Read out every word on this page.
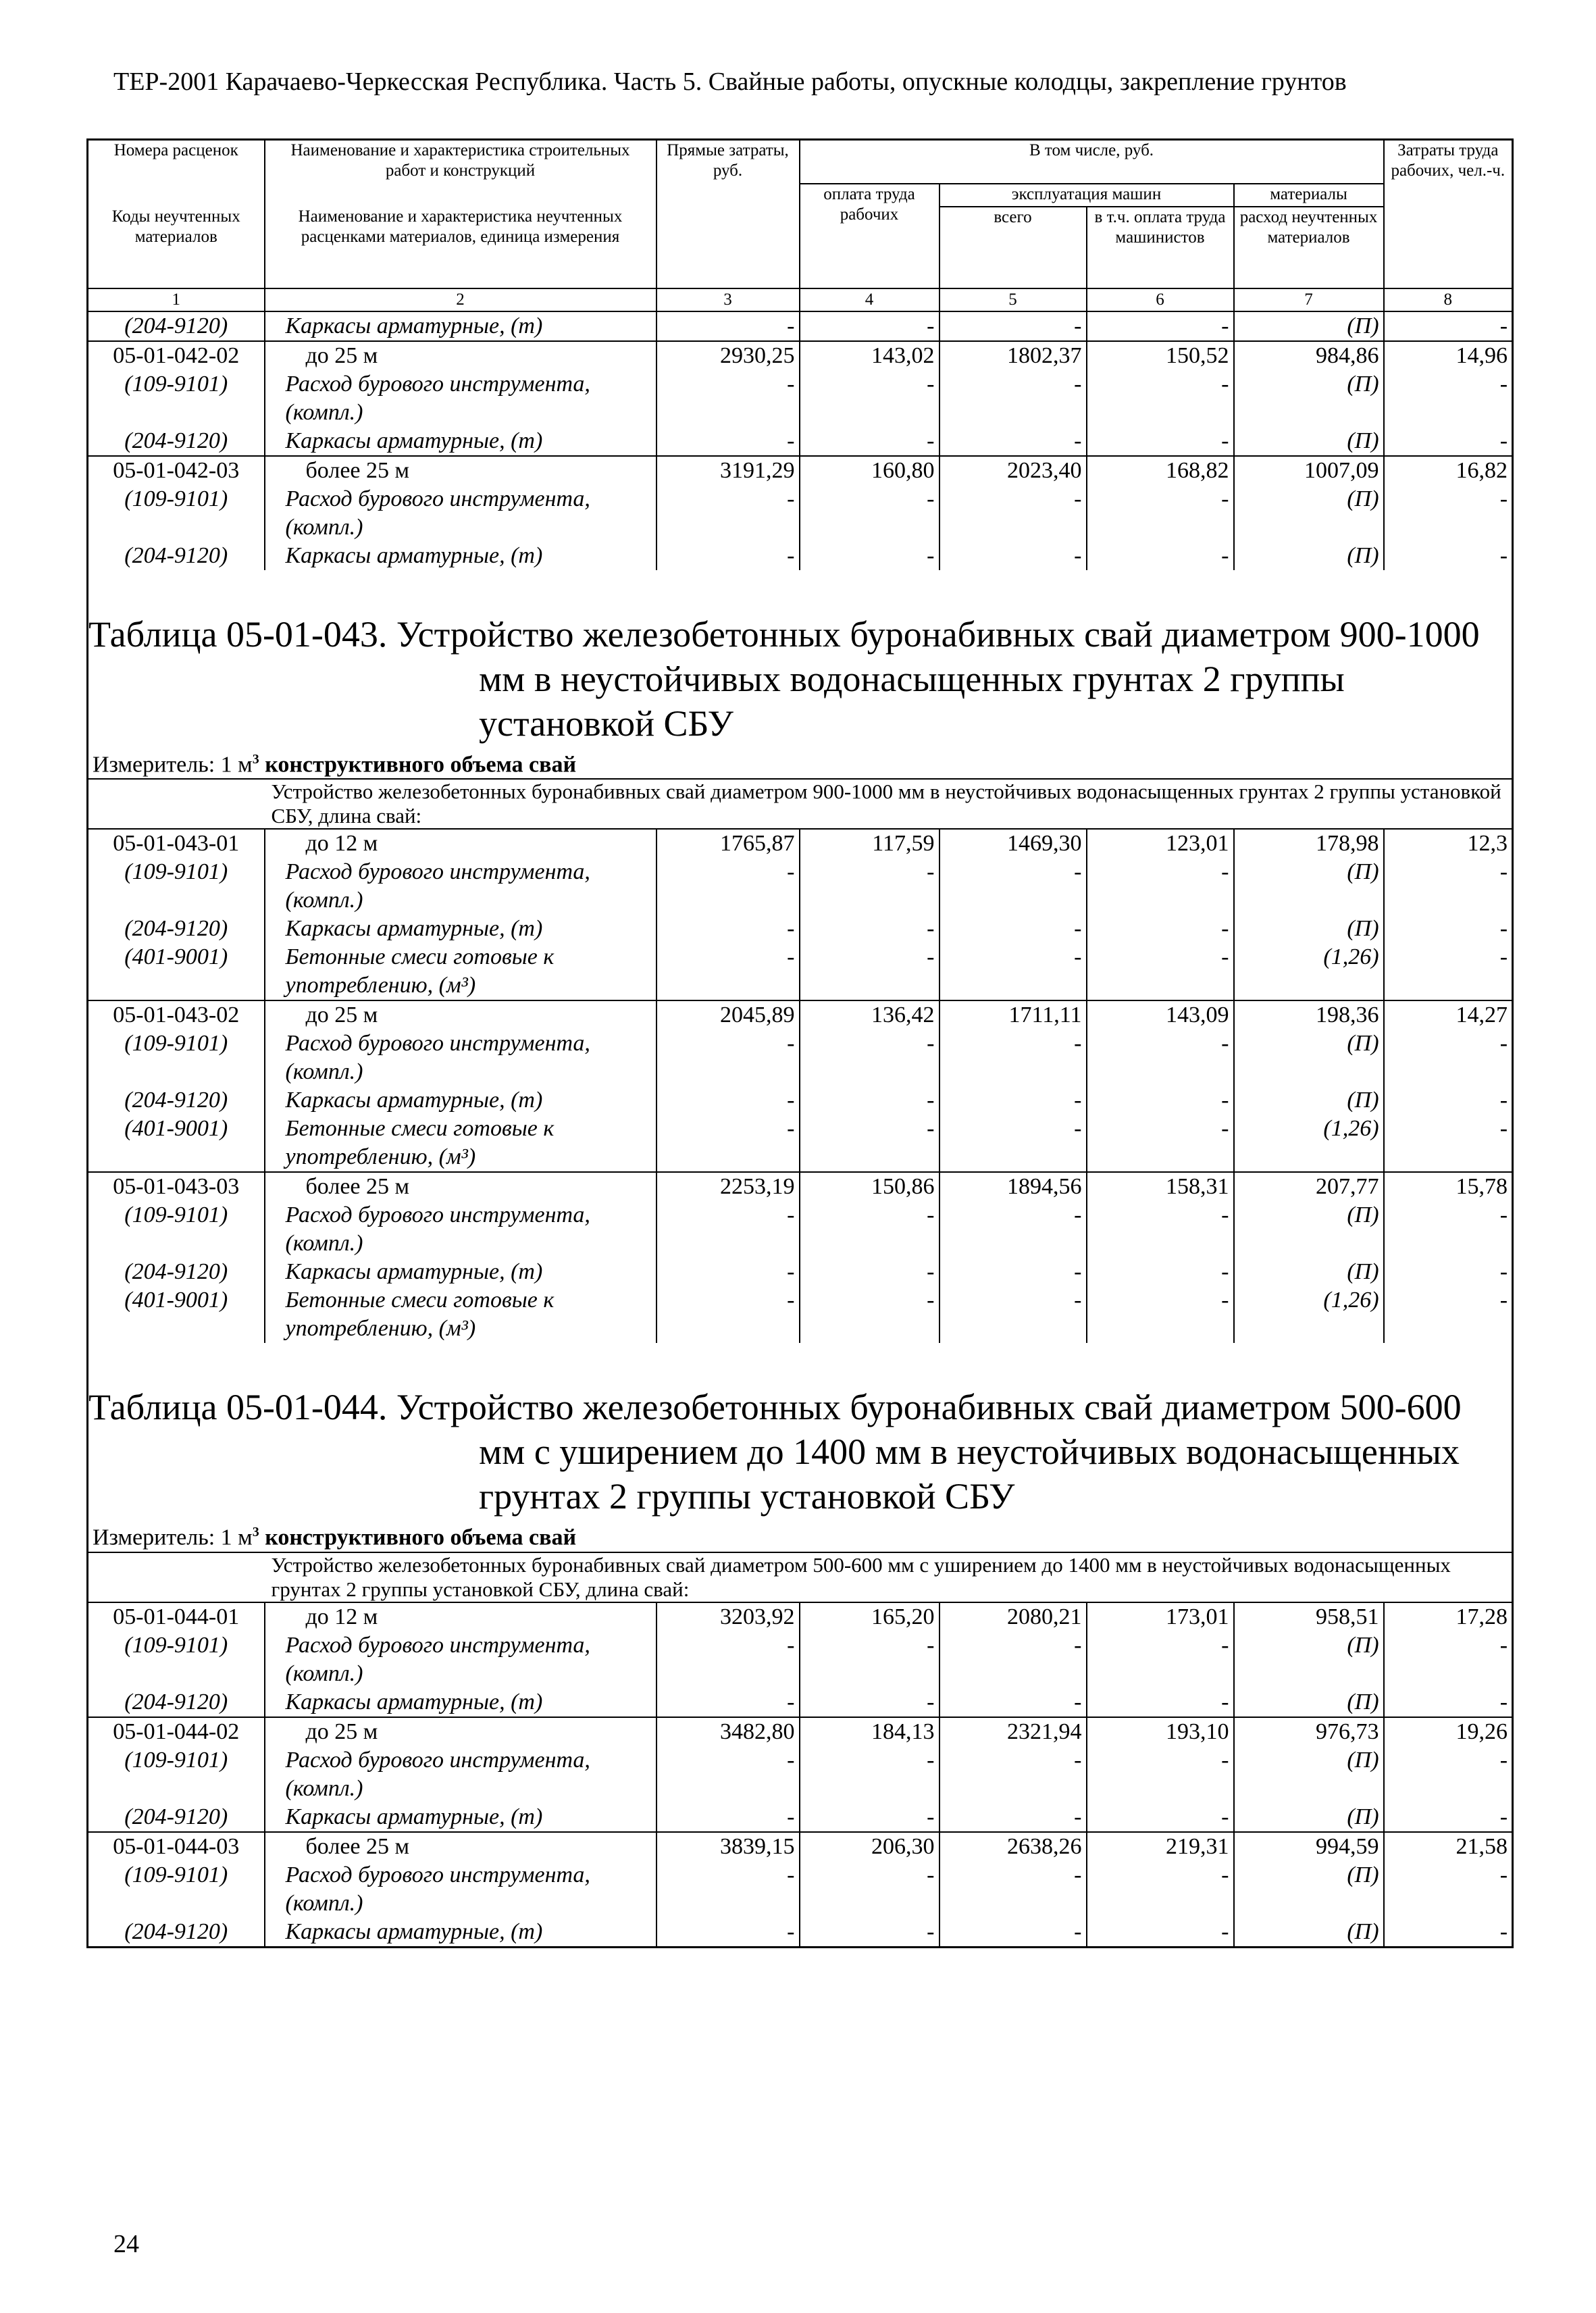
ТЕР-2001 Карачаево-Черкесская Республика. Часть 5. Свайные работы, опускные колодцы, закрепление грунтов
Номера расценок	Наименование и характеристика строительных работ и конструкций	Прямые затраты, руб.	В том числе, руб.				Затраты труда рабочих, чел.-ч.
			оплата труда рабочих	эксплуатация машин		материалы	
Коды неучтенных материалов	Наименование и характеристика неучтенных расценками материалов, единица измерения			всего	в т.ч. оплата труда машинистов	расход неучтенных материалов	
1	2	3	4	5	6	7	8
(204-9120)	Каркасы арматурные, (т)	-	-	-	-	(П)	-
05-01-042-02	до 25 м	2930,25	143,02	1802,37	150,52	984,86	14,96
(109-9101)	Расход бурового инструмента, (компл.)	-	-	-	-	(П)	-
(204-9120)	Каркасы арматурные, (т)	-	-	-	-	(П)	-
05-01-042-03	более 25 м	3191,29	160,80	2023,40	168,82	1007,09	16,82
(109-9101)	Расход бурового инструмента, (компл.)	-	-	-	-	(П)	-
(204-9120)	Каркасы арматурные, (т)	-	-	-	-	(П)	-

Таблица 05-01-043. Устройство железобетонных буронабивных свай диаметром 900-1000 мм в неустойчивых водонасыщенных грунтах 2 группы установкой СБУ							
Измеритель: 1 $м^3$ конструктивного объема свай							
	Устройство железобетонных буронабивных свай диаметром 900-1000 мм в неустойчивых водонасыщенных грунтах 2 группы установкой СБУ, длина свай:						
05-01-043-01	до 12 м	1765,87	117,59	1469,30	123,01	178,98	12,3
(109-9101)	Расход бурового инструмента, (компл.)	-	-	-	-	(П)	-
(204-9120)	Каркасы арматурные, (т)	-	-	-	-	(П)	-
(401-9001)	Бетонные смеси готовые к употреблению, (м³)	-	-	-	-	(1,26)	-
05-01-043-02	до 25 м	2045,89	136,42	1711,11	143,09	198,36	14,27
(109-9101)	Расход бурового инструмента, (компл.)	-	-	-	-	(П)	-
(204-9120)	Каркасы арматурные, (т)	-	-	-	-	(П)	-
(401-9001)	Бетонные смеси готовые к употреблению, (м³)	-	-	-	-	(1,26)	-
05-01-043-03	более 25 м	2253,19	150,86	1894,56	158,31	207,77	15,78
(109-9101)	Расход бурового инструмента, (компл.)	-	-	-	-	(П)	-
(204-9120)	Каркасы арматурные, (т)	-	-	-	-	(П)	-
(401-9001)	Бетонные смеси готовые к употреблению, (м³)	-	-	-	-	(1,26)	-

Таблица 05-01-044. Устройство железобетонных буронабивных свай диаметром 500-600 мм с уширением до 1400 мм в неустойчивых водонасыщенных грунтах 2 группы установкой СБУ							
Измеритель: 1 $м^3$ конструктивного объема свай							
	Устройство железобетонных буронабивных свай диаметром 500-600 мм с уширением до 1400 мм в неустойчивых водонасыщенных грунтах 2 группы установкой СБУ, длина свай:						
05-01-044-01	до 12 м	3203,92	165,20	2080,21	173,01	958,51	17,28
(109-9101)	Расход бурового инструмента, (компл.)	-	-	-	-	(П)	-
(204-9120)	Каркасы арматурные, (т)	-	-	-	-	(П)	-
05-01-044-02	до 25 м	3482,80	184,13	2321,94	193,10	976,73	19,26
(109-9101)	Расход бурового инструмента, (компл.)	-	-	-	-	(П)	-
(204-9120)	Каркасы арматурные, (т)	-	-	-	-	(П)	-
05-01-044-03	более 25 м	3839,15	206,30	2638,26	219,31	994,59	21,58
(109-9101)	Расход бурового инструмента, (компл.)	-	-	-	-	(П)	-
(204-9120)	Каркасы арматурные, (т)	-	-	-	-	(П)	-
24
